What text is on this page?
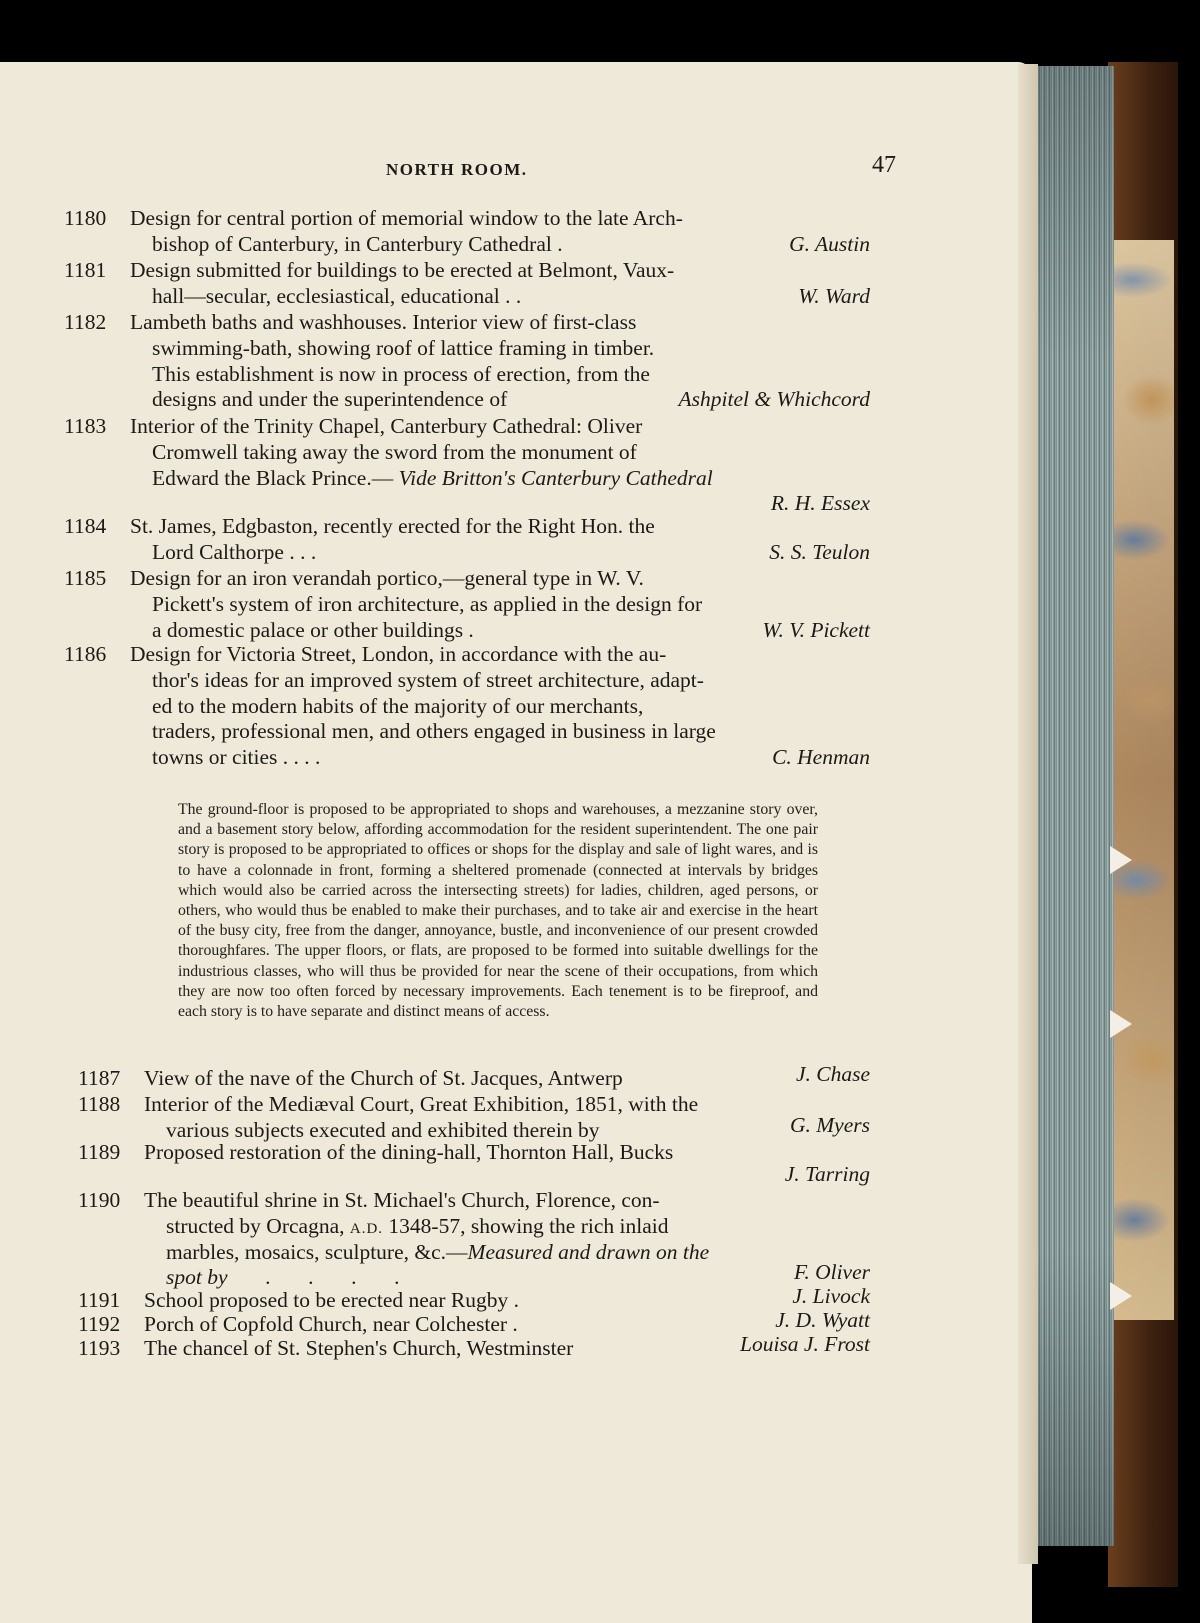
NORTH ROOM.	47
1180	Design for central portion of memorial window to the late Arch-
bishop of Canterbury, in Canterbury Cathedral .	G. Austin
1181	Design submitted for buildings to be erected at Belmont, Vaux-
hall—secular, ecclesiastical, educational . .	W. Ward
1182	Lambeth baths and washhouses. Interior view of first-class
swimming-bath, showing roof of lattice framing in timber.
This establishment is now in process of erection, from the
designs and under the superintendence of	Ashpitel & Whichcord
1183	Interior of the Trinity Chapel, Canterbury Cathedral: Oliver
Cromwell taking away the sword from the monument of
Edward the Black Prince.— Vide Britton's Canterbury Cathedral
R. H. Essex
1184	St. James, Edgbaston, recently erected for the Right Hon. the
Lord Calthorpe . . .	S. S. Teulon
1185	Design for an iron verandah portico,—general type in W. V.
Pickett's system of iron architecture, as applied in the design for
a domestic palace or other buildings .	W. V. Pickett
1186	Design for Victoria Street, London, in accordance with the au-
thor's ideas for an improved system of street architecture, adapt-
ed to the modern habits of the majority of our merchants,
traders, professional men, and others engaged in business in large
towns or cities . . . .	C. Henman

The ground-floor is proposed to be appropriated to shops and warehouses, a mezzanine story over, and a basement story below, affording accommodation for the resident superintendent. The one pair story is proposed to be appropriated to offices or shops for the display and sale of light wares, and is to have a colonnade in front, forming a sheltered promenade (connected at intervals by bridges which would also be carried across the intersecting streets) for ladies, children, aged persons, or others, who would thus be enabled to make their purchases, and to take air and exercise in the heart of the busy city, free from the danger, annoyance, bustle, and inconvenience of our present crowded thoroughfares. The upper floors, or flats, are proposed to be formed into suitable dwellings for the industrious classes, who will thus be provided for near the scene of their occupations, from which they are now too often forced by necessary improvements. Each tenement is to be fireproof, and each story is to have separate and distinct means of access.

1187	View of the nave of the Church of St. Jacques, Antwerp	J. Chase
1188	Interior of the Mediæval Court, Great Exhibition, 1851, with the
various subjects executed and exhibited therein by	G. Myers
1189	Proposed restoration of the dining-hall, Thornton Hall, Bucks
J. Tarring
1190	The beautiful shrine in St. Michael's Church, Florence, con-
structed by Orcagna, A.D. 1348-57, showing the rich inlaid
marbles, mosaics, sculpture, &c.—Measured and drawn on the
spot by       .       .       .       .	F. Oliver
1191	School proposed to be erected near Rugby .	J. Livock
1192	Porch of Copfold Church, near Colchester .	J. D. Wyatt
1193	The chancel of St. Stephen's Church, Westminster	Louisa J. Frost
